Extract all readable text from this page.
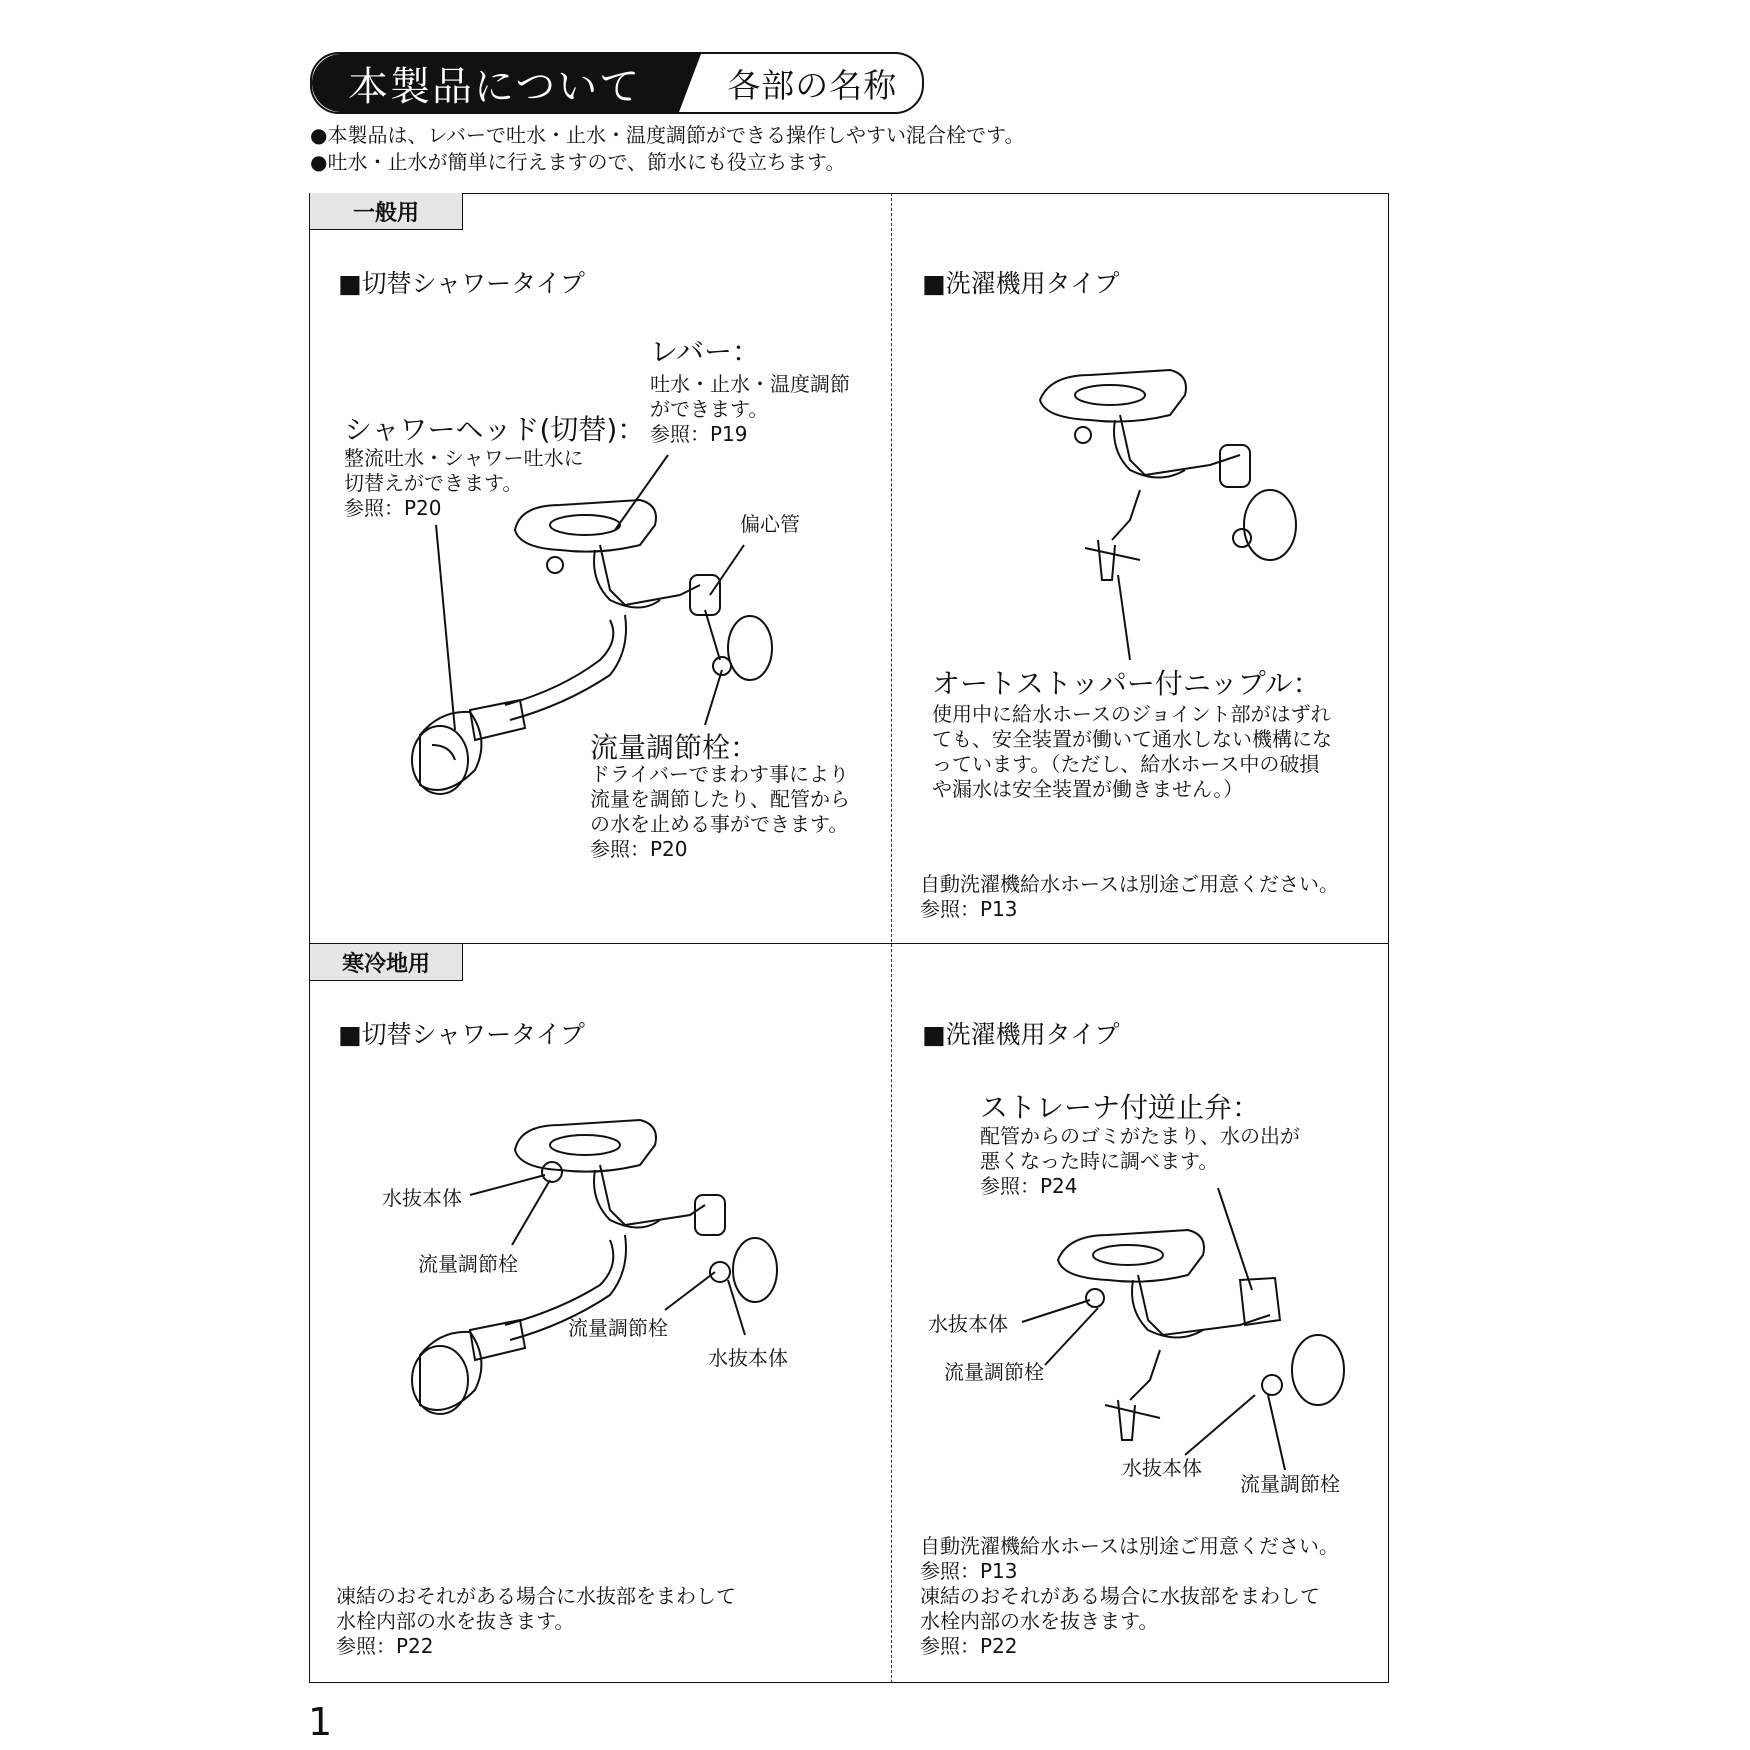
本製品について	各部の名称
●本製品は、レバーで吐水・止水・温度調節ができる操作しやすい混合栓です。
●吐水・止水が簡単に行えますので、節水にも役立ちます。
一般用
寒冷地用
■切替シャワータイプ
レバー：
吐水・止水・温度調節
ができます。
参照：P19
シャワーヘッド(切替)：
整流吐水・シャワー吐水に
切替えができます。
参照：P20
偏心管
流量調節栓：
ドライバーでまわす事により
流量を調節したり、配管から
の水を止める事ができます。
参照：P20
■洗濯機用タイプ
オートストッパー付ニップル：
使用中に給水ホースのジョイント部がはずれ
ても、安全装置が働いて通水しない機構にな
っています。（ただし、給水ホース中の破損
や漏水は安全装置が働きません。）
自動洗濯機給水ホースは別途ご用意ください。
参照：P13
■切替シャワータイプ
水抜本体
流量調節栓
流量調節栓
水抜本体
凍結のおそれがある場合に水抜部をまわして
水栓内部の水を抜きます。
参照：P22
■洗濯機用タイプ
ストレーナ付逆止弁：
配管からのゴミがたまり、水の出が
悪くなった時に調べます。
参照：P24
水抜本体
流量調節栓
水抜本体
流量調節栓
自動洗濯機給水ホースは別途ご用意ください。
参照：P13
凍結のおそれがある場合に水抜部をまわして
水栓内部の水を抜きます。
参照：P22
1
